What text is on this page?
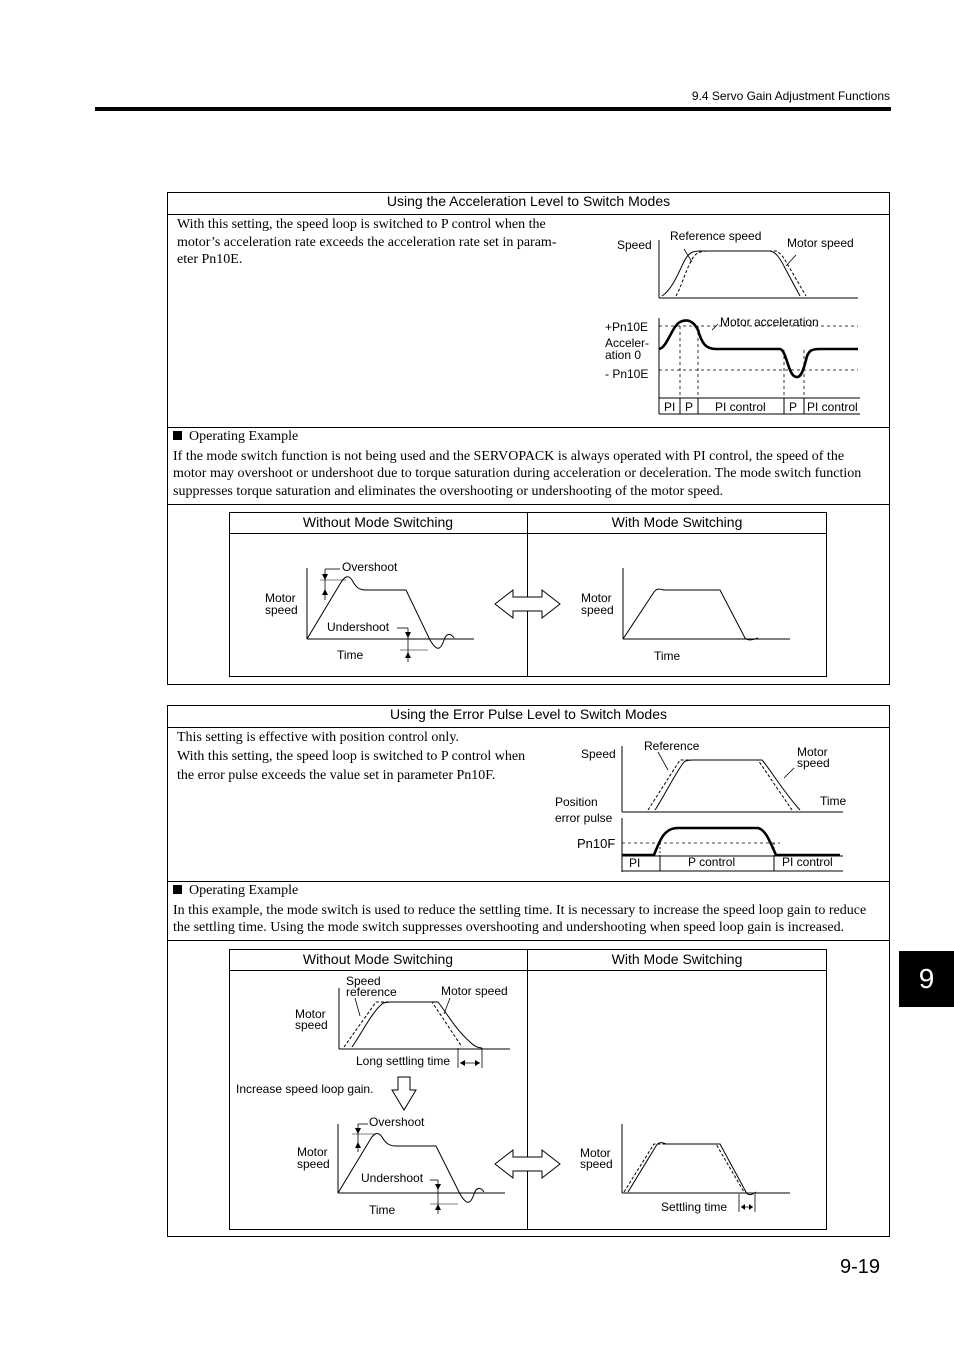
9.4 Servo Gain Adjustment Functions
Using the Acceleration Level to Switch Modes
With this setting, the speed loop is switched to P control when the
motor’s acceleration rate exceeds the acceleration rate set in param-
eter Pn10E.
Speed
Reference speed Motor speed
+Pn10E
Acceler-
ation 0
- Pn10E
Motor acceleration
PI P PI control P PI control
Operating Example
If the mode switch function is not being used and the SERVOPACK is always operated with PI control, the speed of the
motor may overshoot or undershoot due to torque saturation during acceleration or deceleration. The mode switch function
suppresses torque saturation and eliminates the overshooting or undershooting of the motor speed.
Without Mode Switching	With Mode Switching
Overshoot
Motor
speed
Undershoot
Time
Motor
speed
Time
Using the Error Pulse Level to Switch Modes
This setting is effective with position control only.
With this setting, the speed loop is switched to P control when
the error pulse exceeds the value set in parameter Pn10F.
Speed
Reference	Motor
speed
Time
Position
error pulse
Pn10F
PI	P control	PI control
Operating Example
In this example, the mode switch is used to reduce the settling time. It is necessary to increase the speed loop gain to reduce
the settling time. Using the mode switch suppresses overshooting and undershooting when speed loop gain is increased.
Without Mode Switching	With Mode Switching
Speed
reference	Motor speed
Motor
speed
Long settling time
Increase speed loop gain.
Overshoot
Motor
speed
Undershoot
Time
Motor
speed
Settling time
9-19
9
